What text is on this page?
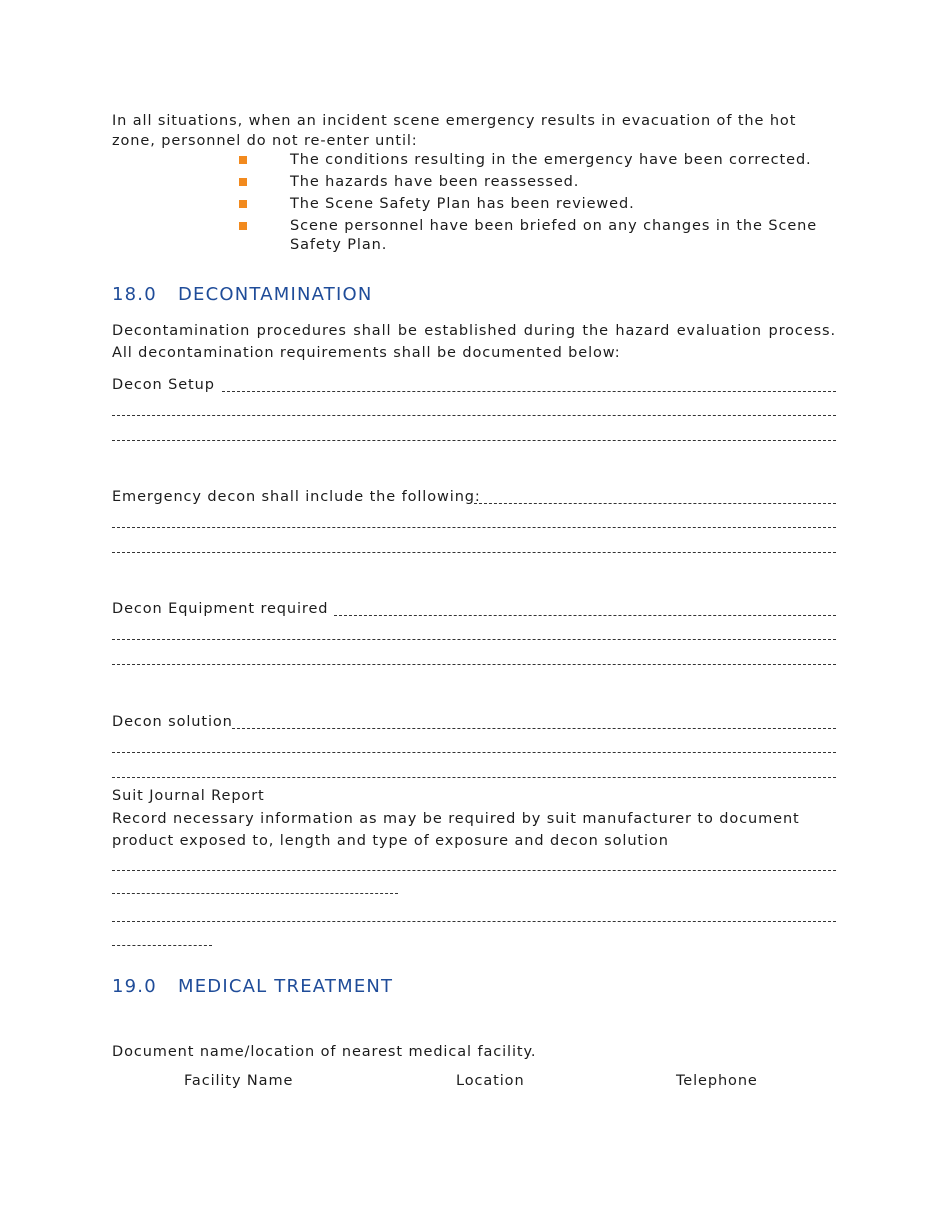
In all situations, when an incident scene emergency results in evacuation of the hot zone, personnel do not re-enter until:
The conditions resulting in the emergency have been corrected.
The hazards have been reassessed.
The Scene Safety Plan has been reviewed.
Scene personnel have been briefed on any changes in the Scene Safety Plan.
18.0 DECONTAMINATION
Decontamination procedures shall be established during the hazard evaluation process. All decontamination requirements shall be documented below:
Decon Setup
Emergency decon shall include the following:
Decon Equipment required
Decon solution
Suit Journal Report
Record necessary information as may be required by suit manufacturer to document product exposed to, length and type of exposure and decon solution
19.0 MEDICAL TREATMENT
Document name/location of nearest medical facility.
Facility Name	Location	Telephone
